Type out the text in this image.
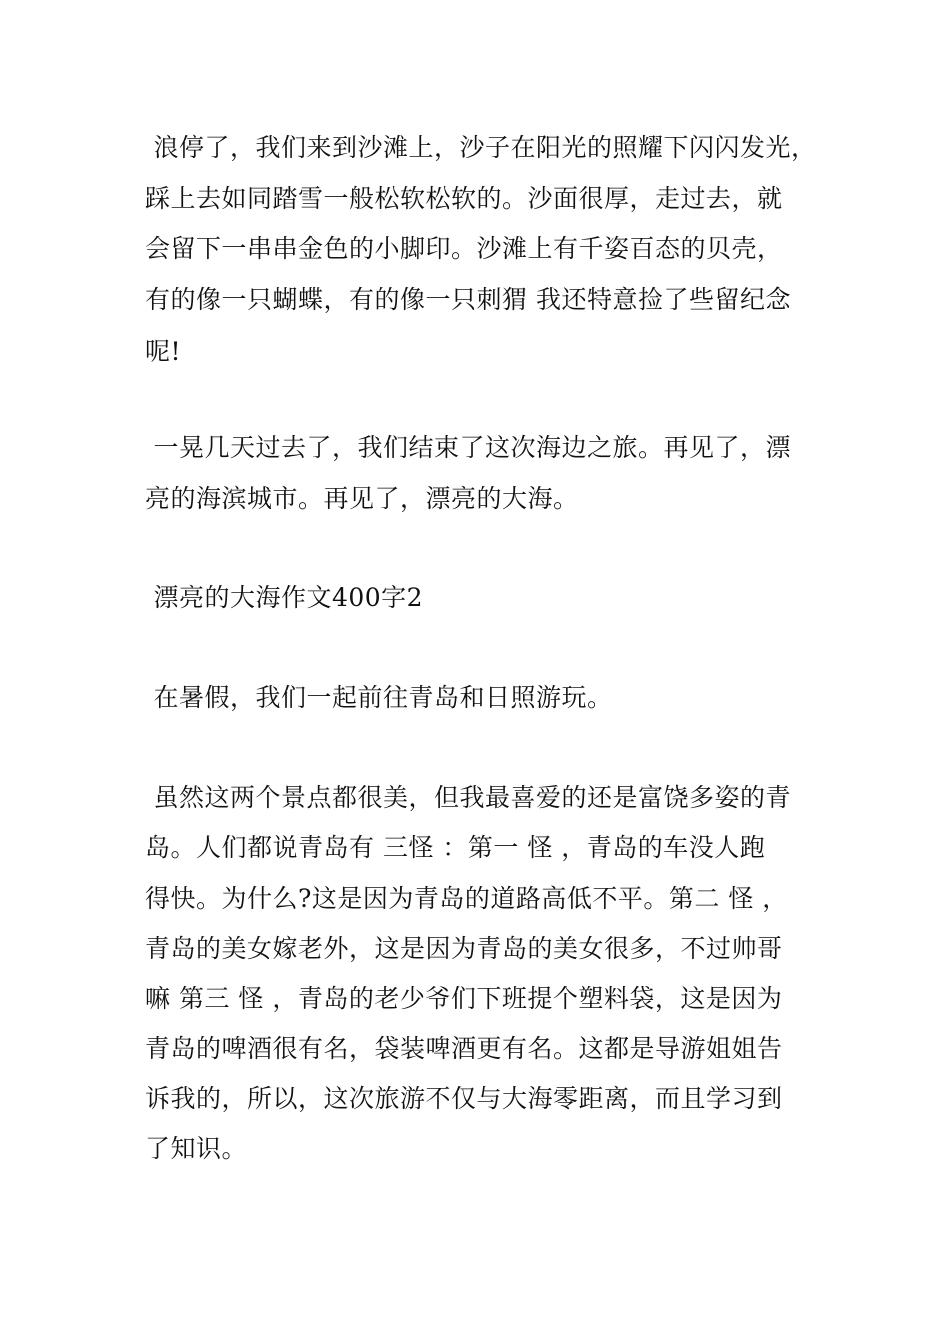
浪停了，我们来到沙滩上，沙子在阳光的照耀下闪闪发光，
踩上去如同踏雪一般松软松软的。沙面很厚，走过去，就
会留下一串串金色的小脚印。沙滩上有千姿百态的贝壳，
有的像一只蝴蝶，有的像一只刺猬 我还特意捡了些留纪念
呢!
一晃几天过去了，我们结束了这次海边之旅。再见了，漂
亮的海滨城市。再见了，漂亮的大海。
漂亮的大海作文400字2
在暑假，我们一起前往青岛和日照游玩。
虽然这两个景点都很美，但我最喜爱的还是富饶多姿的青
岛。人们都说青岛有 三怪 ：第一 怪 ，青岛的车没人跑
得快。为什么?这是因为青岛的道路高低不平。第二 怪 ，
青岛的美女嫁老外，这是因为青岛的美女很多，不过帅哥
嘛 第三 怪 ，青岛的老少爷们下班提个塑料袋，这是因为
青岛的啤酒很有名，袋装啤酒更有名。这都是导游姐姐告
诉我的，所以，这次旅游不仅与大海零距离，而且学习到
了知识。
